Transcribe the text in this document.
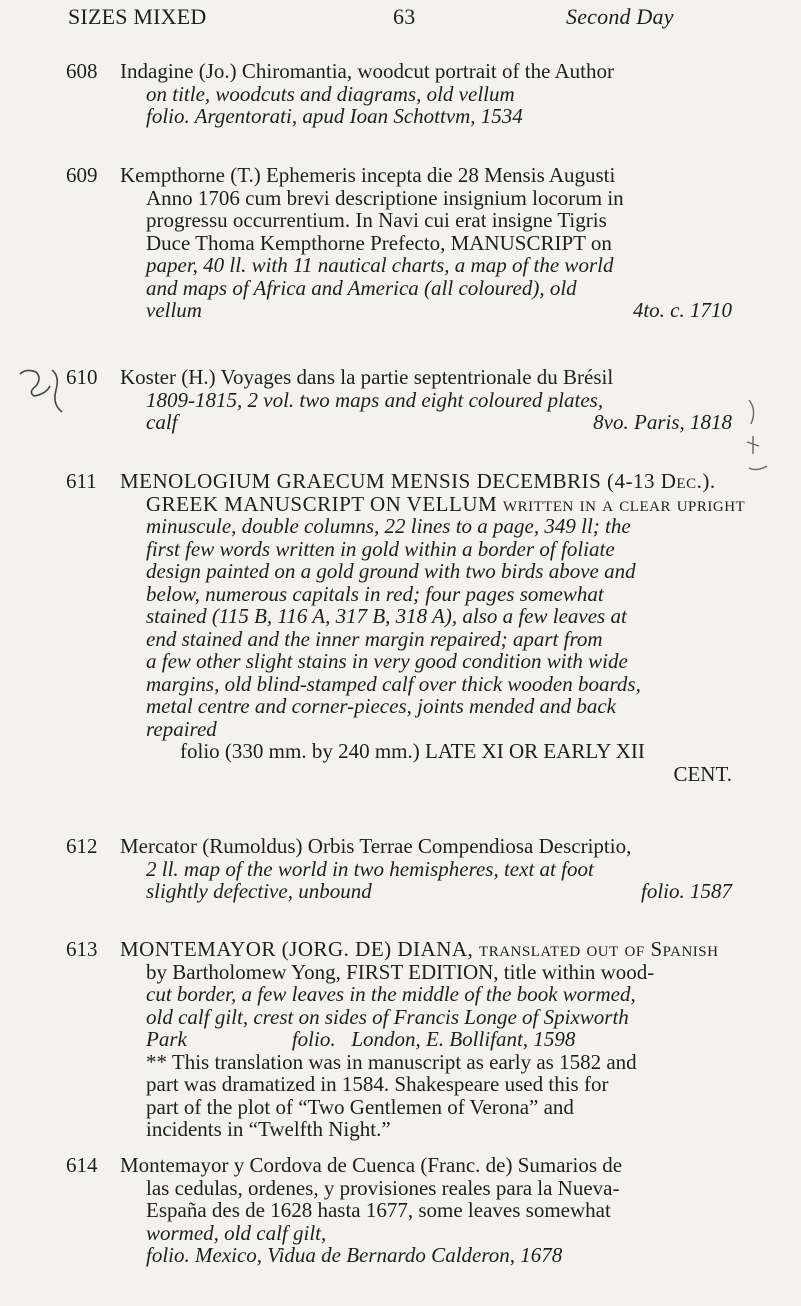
SIZES MIXED	63	Second Day
608	Indagine (Jo.) Chiromantia, woodcut portrait of the Author
on title, woodcuts and diagrams, old vellum
folio. Argentorati, apud Ioan Schottvm, 1534
609	Kempthorne (T.) Ephemeris incepta die 28 Mensis Augusti
Anno 1706 cum brevi descriptione insignium locorum in
progressu occurrentium. In Navi cui erat insigne Tigris
Duce Thoma Kempthorne Prefecto, MANUSCRIPT on
paper, 40 ll. with 11 nautical charts, a map of the world
and maps of Africa and America (all coloured), old
vellum	4to. c. 1710
610	Koster (H.) Voyages dans la partie septentrionale du Brésil
1809-1815, 2 vol. two maps and eight coloured plates,
calf	8vo. Paris, 1818
611	MENOLOGIUM GRAECUM MENSIS DECEMBRIS (4-13 Dec.).
GREEK MANUSCRIPT ON VELLUM written in a clear upright
minuscule, double columns, 22 lines to a page, 349 ll; the
first few words written in gold within a border of foliate
design painted on a gold ground with two birds above and
below, numerous capitals in red; four pages somewhat
stained (115 B, 116 A, 317 B, 318 A), also a few leaves at
end stained and the inner margin repaired; apart from
a few other slight stains in very good condition with wide
margins, old blind-stamped calf over thick wooden boards,
metal centre and corner-pieces, joints mended and back
repaired
folio (330 mm. by 240 mm.) LATE XI OR EARLY XII
CENT.
612	Mercator (Rumoldus) Orbis Terrae Compendiosa Descriptio,
2 ll. map of the world in two hemispheres, text at foot
slightly defective, unbound	folio. 1587
613	MONTEMAYOR (JORG. DE) DIANA, translated out of Spanish
by Bartholomew Yong, FIRST EDITION, title within wood-
cut border, a few leaves in the middle of the book wormed,
old calf gilt, crest on sides of Francis Longe of Spixworth
Park                    folio.   London, E. Bollifant, 1598
** This translation was in manuscript as early as 1582 and
part was dramatized in 1584. Shakespeare used this for
part of the plot of “Two Gentlemen of Verona” and
incidents in “Twelfth Night.”
614	Montemayor y Cordova de Cuenca (Franc. de) Sumarios de
las cedulas, ordenes, y provisiones reales para la Nueva-
España des de 1628 hasta 1677, some leaves somewhat
wormed, old calf gilt,
folio. Mexico, Vidua de Bernardo Calderon, 1678
